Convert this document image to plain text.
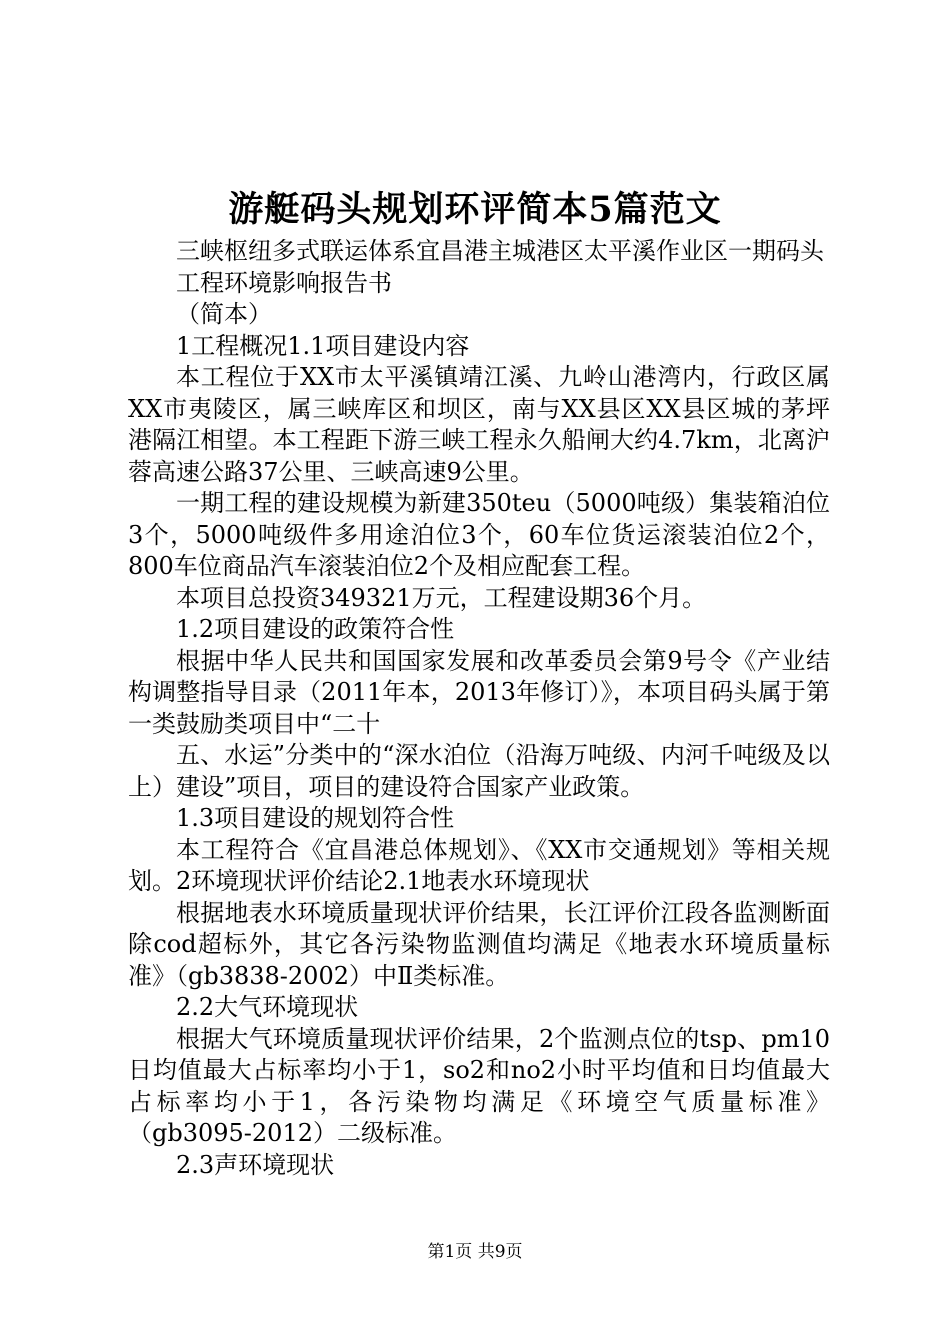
游艇码头规划环评简本5篇范文

三峡枢纽多式联运体系宜昌港主城港区太平溪作业区一期码头

工程环境影响报告书

（简本）

1工程概况1.1项目建设内容

本工程位于XX市太平溪镇靖江溪、九岭山港湾内，行政区属XX市夷陵区，属三峡库区和坝区，南与XX县区XX县区城的茅坪港隔江相望。本工程距下游三峡工程永久船闸大约4.7km，北离沪蓉高速公路37公里、三峡高速9公里。

一期工程的建设规模为新建350teu（5000吨级）集装箱泊位3个，5000吨级件多用途泊位3个，60车位货运滚装泊位2个，800车位商品汽车滚装泊位2个及相应配套工程。

本项目总投资349321万元，工程建设期36个月。

1.2项目建设的政策符合性

根据中华人民共和国国家发展和改革委员会第9号令《产业结构调整指导目录（2011年本，2013年修订）》，本项目码头属于第一类鼓励类项目中“二十

五、水运”分类中的“深水泊位（沿海万吨级、内河千吨级及以上）建设”项目，项目的建设符合国家产业政策。

1.3项目建设的规划符合性

本工程符合《宜昌港总体规划》、《XX市交通规划》等相关规划。2环境现状评价结论2.1地表水环境现状

根据地表水环境质量现状评价结果，长江评价江段各监测断面除cod超标外，其它各污染物监测值均满足《地表水环境质量标准》（gb3838-2002）中Ⅱ类标准。

2.2大气环境现状

根据大气环境质量现状评价结果，2个监测点位的tsp、pm10日均值最大占标率均小于1，so2和no2小时平均值和日均值最大占标率均小于1，各污染物均满足《环境空气质量标准》（gb3095-2012）二级标准。

2.3声环境现状

第1页 共9页
